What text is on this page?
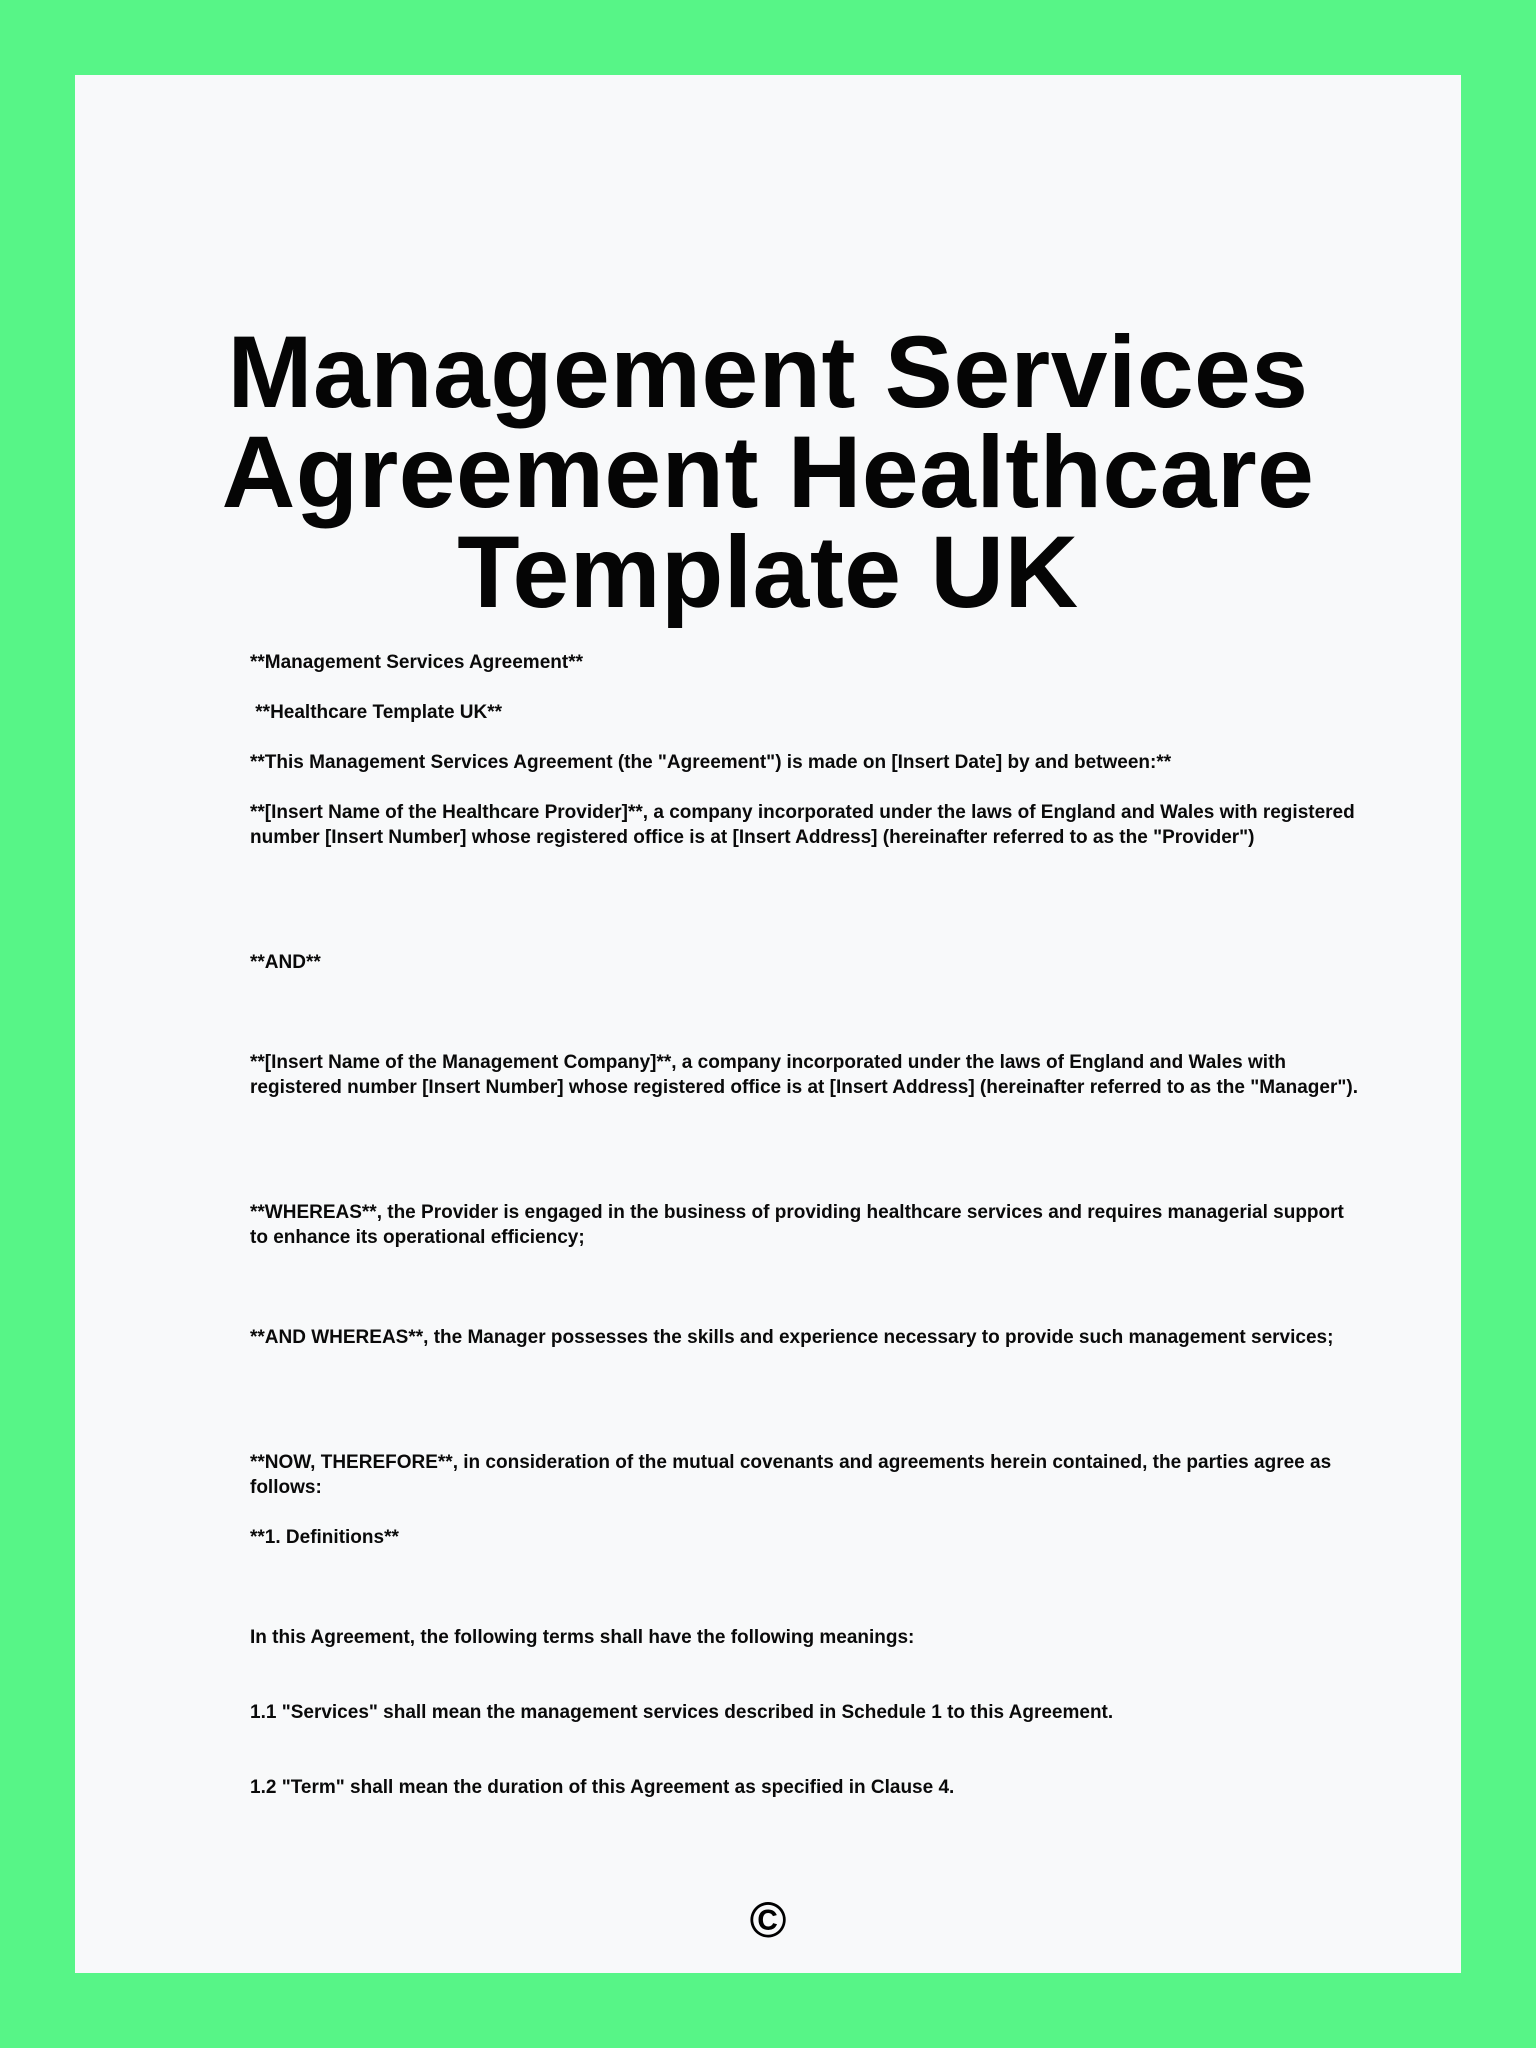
Management Services Agreement Healthcare Template UK

**Management Services Agreement**

**Healthcare Template UK**

**This Management Services Agreement (the "Agreement") is made on [Insert Date] by and between:**

**[Insert Name of the Healthcare Provider]**, a company incorporated under the laws of England and Wales with registered number [Insert Number] whose registered office is at [Insert Address] (hereinafter referred to as the "Provider")

**AND**

**[Insert Name of the Management Company]**, a company incorporated under the laws of England and Wales with registered number [Insert Number] whose registered office is at [Insert Address] (hereinafter referred to as the "Manager").

**WHEREAS**, the Provider is engaged in the business of providing healthcare services and requires managerial support to enhance its operational efficiency;

**AND WHEREAS**, the Manager possesses the skills and experience necessary to provide such management services;

**NOW, THEREFORE**, in consideration of the mutual covenants and agreements herein contained, the parties agree as follows:

**1. Definitions**

In this Agreement, the following terms shall have the following meanings:

1.1 "Services" shall mean the management services described in Schedule 1 to this Agreement.

1.2 "Term" shall mean the duration of this Agreement as specified in Clause 4.

©
